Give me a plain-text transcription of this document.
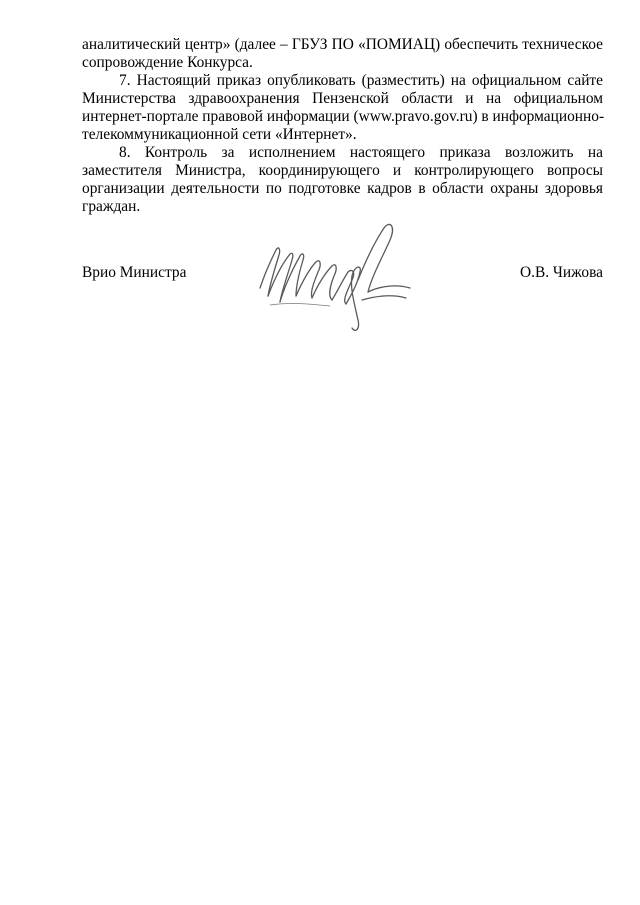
аналитический центр» (далее – ГБУЗ ПО «ПОМИАЦ) обеспечить техническое
сопровождение Конкурса.

7. Настоящий приказ опубликовать (разместить) на официальном сайте
Министерства здравоохранения Пензенской области и на официальном
интернет-портале правовой информации (www.pravo.gov.ru) в информационно-
телекоммуникационной сети «Интернет».

8. Контроль за исполнением настоящего приказа возложить на
заместителя Министра, координирующего и контролирующего вопросы
организации деятельности по подготовке кадров в области охраны здоровья
граждан.

Врио Министра	О.В. Чижова
